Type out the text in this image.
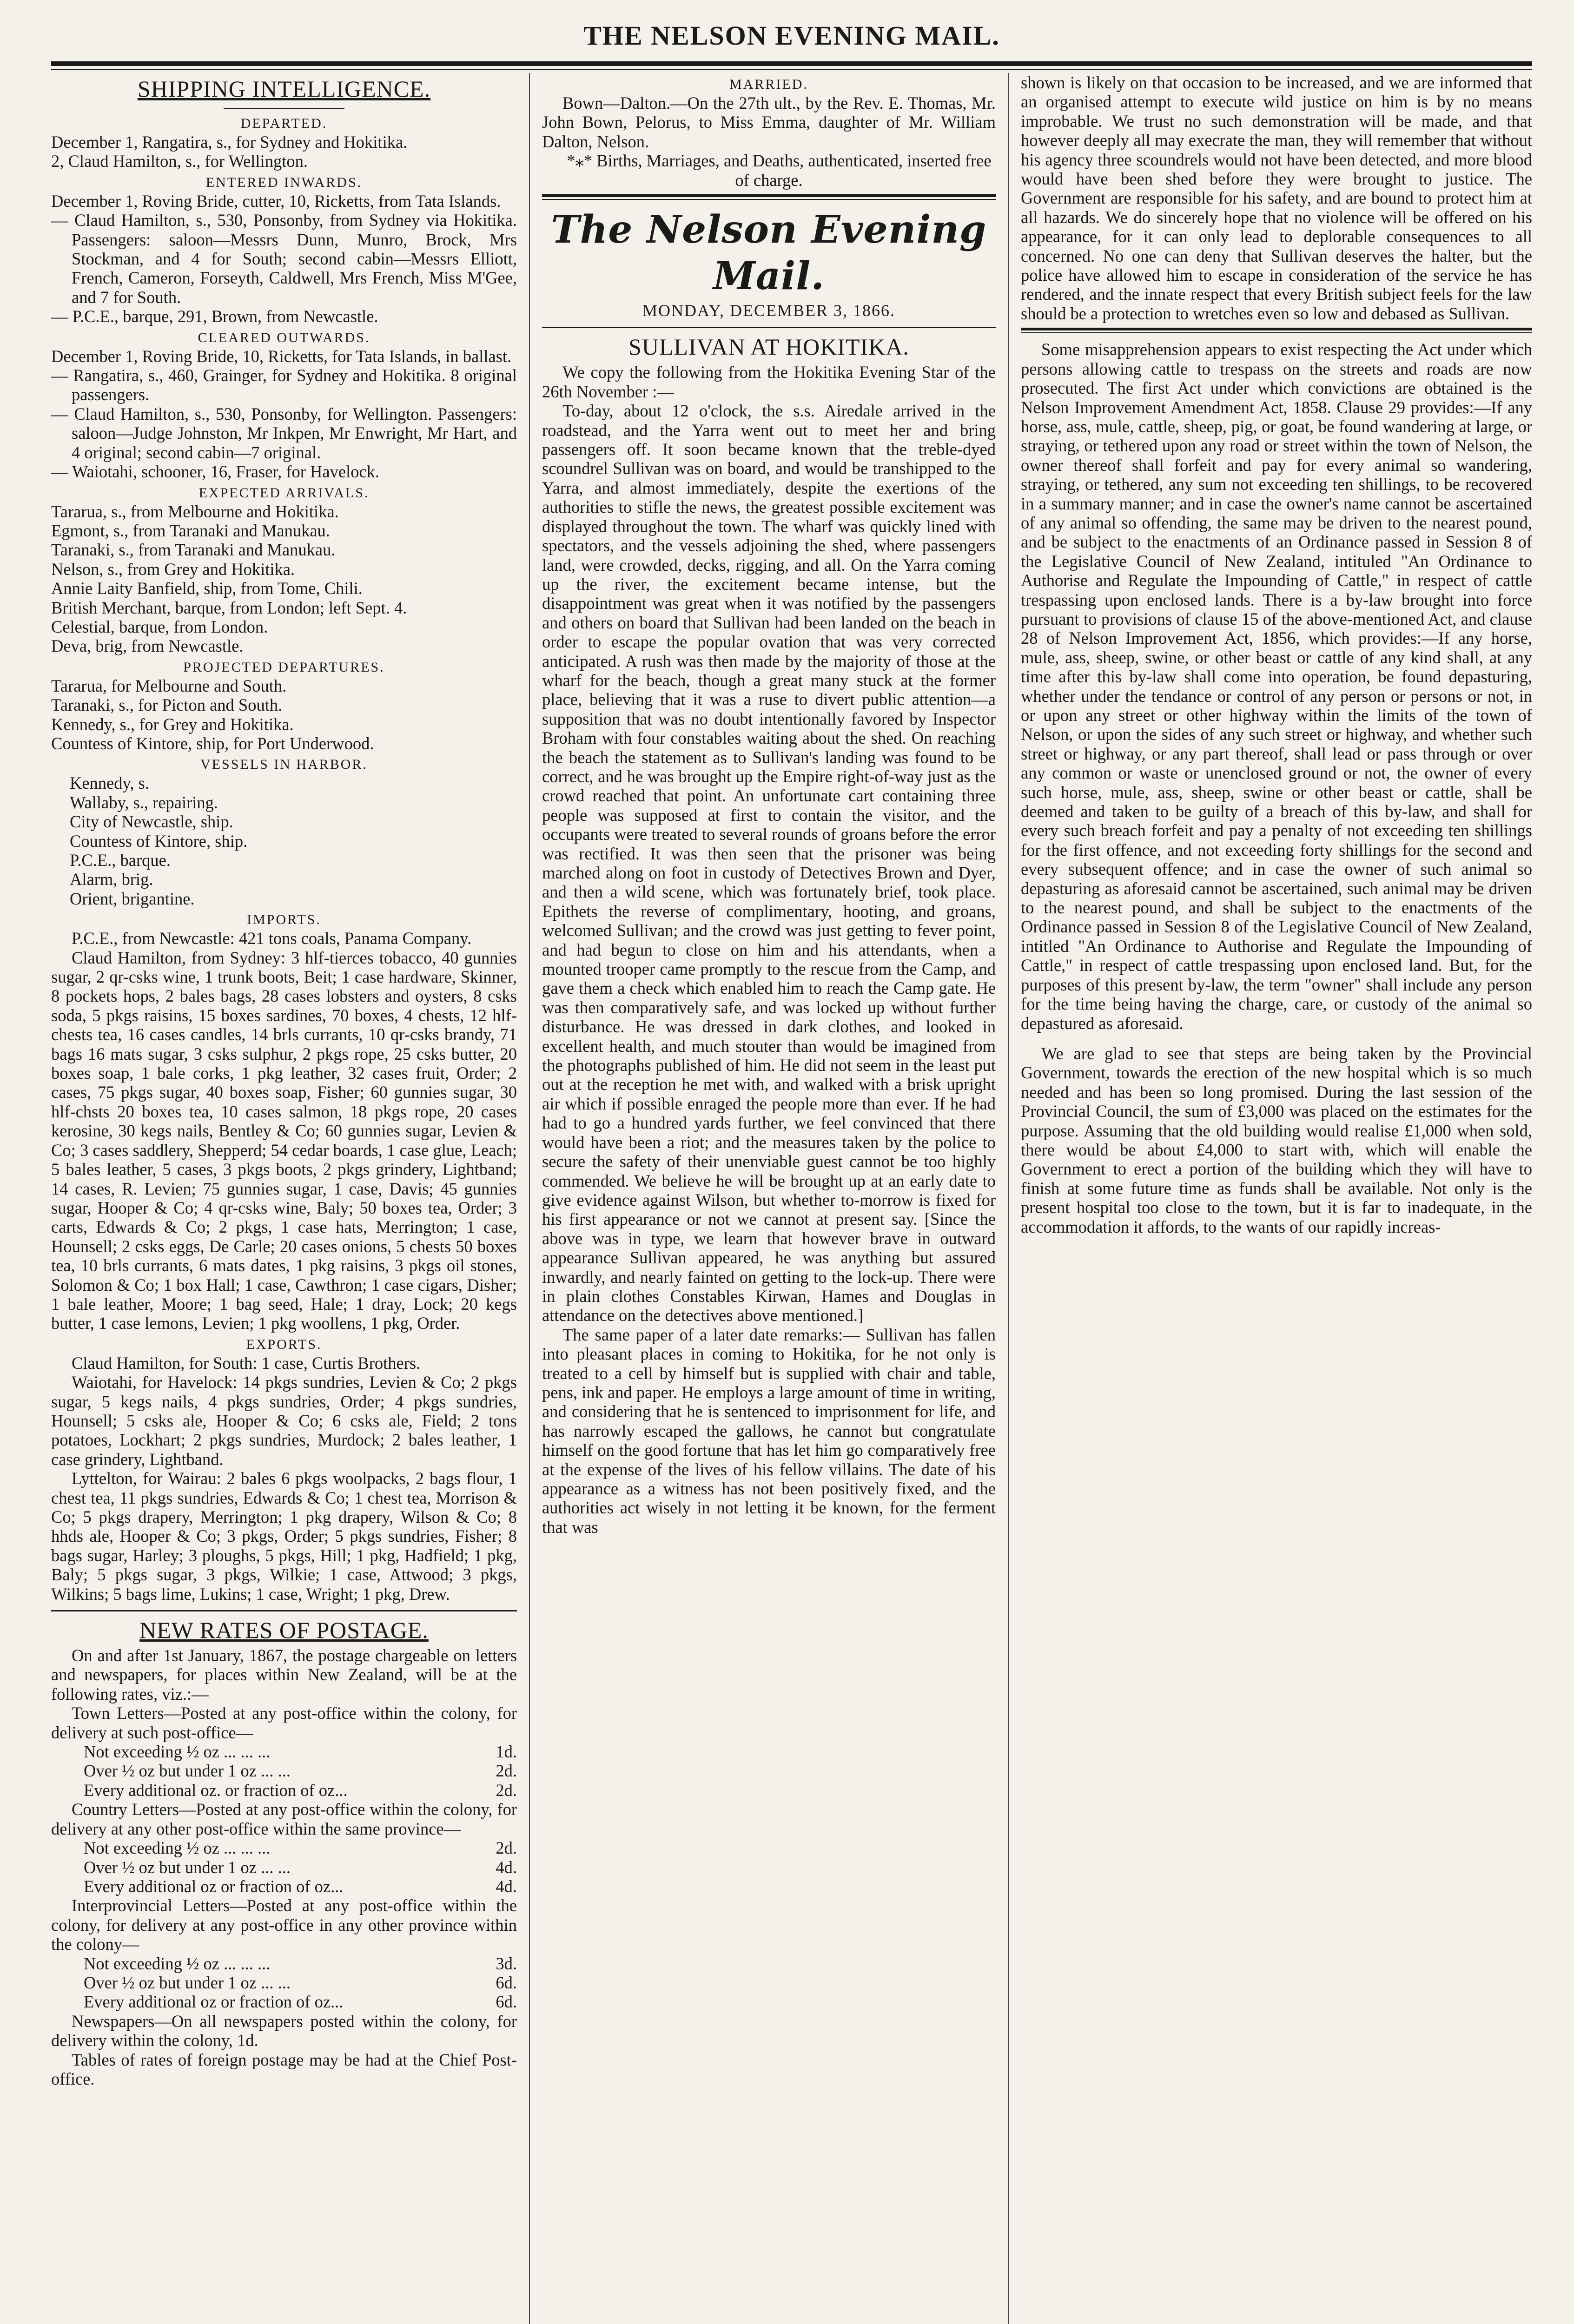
THE NELSON EVENING MAIL.
SHIPPING INTELLIGENCE.
DEPARTED.

December 1, Rangatira, s., for Sydney and Hokitika.

2, Claud Hamilton, s., for Wellington.

ENTERED INWARDS.

December 1, Roving Bride, cutter, 10, Ricketts, from Tata Islands.

— Claud Hamilton, s., 530, Ponsonby, from Sydney via Hokitika. Passengers: saloon—Messrs Dunn, Munro, Brock, Mrs Stockman, and 4 for South; second cabin—Messrs Elliott, French, Cameron, Forseyth, Caldwell, Mrs French, Miss M'Gee, and 7 for South.

— P.C.E., barque, 291, Brown, from Newcastle.

CLEARED OUTWARDS.

December 1, Roving Bride, 10, Ricketts, for Tata Islands, in ballast.

— Rangatira, s., 460, Grainger, for Sydney and Hokitika. 8 original passengers.

— Claud Hamilton, s., 530, Ponsonby, for Wellington. Passengers: saloon—Judge Johnston, Mr Inkpen, Mr Enwright, Mr Hart, and 4 original; second cabin—7 original.

— Waiotahi, schooner, 16, Fraser, for Havelock.

EXPECTED ARRIVALS.

Tararua, s., from Melbourne and Hokitika.

Egmont, s., from Taranaki and Manukau.

Taranaki, s., from Taranaki and Manukau.

Nelson, s., from Grey and Hokitika.

Annie Laity Banfield, ship, from Tome, Chili.

British Merchant, barque, from London; left Sept. 4.

Celestial, barque, from London.

Deva, brig, from Newcastle.

PROJECTED DEPARTURES.

Tararua, for Melbourne and South.

Taranaki, s., for Picton and South.

Kennedy, s., for Grey and Hokitika.

Countess of Kintore, ship, for Port Underwood.

VESSELS IN HARBOR.

Kennedy, s.

Wallaby, s., repairing.

City of Newcastle, ship.

Countess of Kintore, ship.

P.C.E., barque.

Alarm, brig.

Orient, brigantine.

IMPORTS.

P.C.E., from Newcastle: 421 tons coals, Panama Company.

Claud Hamilton, from Sydney: 3 hlf-tierces tobacco, 40 gunnies sugar, 2 qr-csks wine, 1 trunk boots, Beit; 1 case hardware, Skinner, 8 pockets hops, 2 bales bags, 28 cases lobsters and oysters, 8 csks soda, 5 pkgs raisins, 15 boxes sardines, 70 boxes, 4 chests, 12 hlf-chests tea, 16 cases candles, 14 brls currants, 10 qr-csks brandy, 71 bags 16 mats sugar, 3 csks sulphur, 2 pkgs rope, 25 csks butter, 20 boxes soap, 1 bale corks, 1 pkg leather, 32 cases fruit, Order; 2 cases, 75 pkgs sugar, 40 boxes soap, Fisher; 60 gunnies sugar, 30 hlf-chsts 20 boxes tea, 10 cases salmon, 18 pkgs rope, 20 cases kerosine, 30 kegs nails, Bentley & Co; 60 gunnies sugar, Levien & Co; 3 cases saddlery, Shepperd; 54 cedar boards, 1 case glue, Leach; 5 bales leather, 5 cases, 3 pkgs boots, 2 pkgs grindery, Lightband; 14 cases, R. Levien; 75 gunnies sugar, 1 case, Davis; 45 gunnies sugar, Hooper & Co; 4 qr-csks wine, Baly; 50 boxes tea, Order; 3 carts, Edwards & Co; 2 pkgs, 1 case hats, Merrington; 1 case, Hounsell; 2 csks eggs, De Carle; 20 cases onions, 5 chests 50 boxes tea, 10 brls currants, 6 mats dates, 1 pkg raisins, 3 pkgs oil stones, Solomon & Co; 1 box Hall; 1 case, Cawthron; 1 case cigars, Disher; 1 bale leather, Moore; 1 bag seed, Hale; 1 dray, Lock; 20 kegs butter, 1 case lemons, Levien; 1 pkg woollens, 1 pkg, Order.

EXPORTS.

Claud Hamilton, for South: 1 case, Curtis Brothers.

Waiotahi, for Havelock: 14 pkgs sundries, Levien & Co; 2 pkgs sugar, 5 kegs nails, 4 pkgs sundries, Order; 4 pkgs sundries, Hounsell; 5 csks ale, Hooper & Co; 6 csks ale, Field; 2 tons potatoes, Lockhart; 2 pkgs sundries, Murdock; 2 bales leather, 1 case grindery, Lightband.

Lyttelton, for Wairau: 2 bales 6 pkgs woolpacks, 2 bags flour, 1 chest tea, 11 pkgs sundries, Edwards & Co; 1 chest tea, Morrison & Co; 5 pkgs drapery, Merrington; 1 pkg drapery, Wilson & Co; 8 hhds ale, Hooper & Co; 3 pkgs, Order; 5 pkgs sundries, Fisher; 8 bags sugar, Harley; 3 ploughs, 5 pkgs, Hill; 1 pkg, Hadfield; 1 pkg, Baly; 5 pkgs sugar, 3 pkgs, Wilkie; 1 case, Attwood; 3 pkgs, Wilkins; 5 bags lime, Lukins; 1 case, Wright; 1 pkg, Drew.

NEW RATES OF POSTAGE.

On and after 1st January, 1867, the postage chargeable on letters and newspapers, for places within New Zealand, will be at the following rates, viz.:—

Town Letters—Posted at any post-office within the colony, for delivery at such post-office—

Not exceeding ½ oz ... ... ...	1d.
Over ½ oz but under 1 oz ... ...	2d.
Every additional oz. or fraction of oz...	2d.

Country Letters—Posted at any post-office within the colony, for delivery at any other post-office within the same province—

Not exceeding ½ oz ... ... ...	2d.
Over ½ oz but under 1 oz ... ...	4d.
Every additional oz or fraction of oz...	4d.

Interprovincial Letters—Posted at any post-office within the colony, for delivery at any post-office in any other province within the colony—

Not exceeding ½ oz ... ... ...	3d.
Over ½ oz but under 1 oz ... ...	6d.
Every additional oz or fraction of oz...	6d.

Newspapers—On all newspapers posted within the colony, for delivery within the colony, 1d.

Tables of rates of foreign postage may be had at the Chief Post-office.

MARRIED.

Bown—Dalton.—On the 27th ult., by the Rev. E. Thomas, Mr. John Bown, Pelorus, to Miss Emma, daughter of Mr. William Dalton, Nelson.

*⁎* Births, Marriages, and Deaths, authenticated, inserted free of charge.

The Nelson Evening Mail.
MONDAY, DECEMBER 3, 1866.
SULLIVAN AT HOKITIKA.

We copy the following from the Hokitika Evening Star of the 26th November :—

To-day, about 12 o'clock, the s.s. Airedale arrived in the roadstead, and the Yarra went out to meet her and bring passengers off. It soon became known that the treble-dyed scoundrel Sullivan was on board, and would be transhipped to the Yarra, and almost immediately, despite the exertions of the authorities to stifle the news, the greatest possible excitement was displayed throughout the town. The wharf was quickly lined with spectators, and the vessels adjoining the shed, where passengers land, were crowded, decks, rigging, and all. On the Yarra coming up the river, the excitement became intense, but the disappointment was great when it was notified by the passengers and others on board that Sullivan had been landed on the beach in order to escape the popular ovation that was very corrected anticipated. A rush was then made by the majority of those at the wharf for the beach, though a great many stuck at the former place, believing that it was a ruse to divert public attention—a supposition that was no doubt intentionally favored by Inspector Broham with four constables waiting about the shed. On reaching the beach the statement as to Sullivan's landing was found to be correct, and he was brought up the Empire right-of-way just as the crowd reached that point. An unfortunate cart containing three people was supposed at first to contain the visitor, and the occupants were treated to several rounds of groans before the error was rectified. It was then seen that the prisoner was being marched along on foot in custody of Detectives Brown and Dyer, and then a wild scene, which was fortunately brief, took place. Epithets the reverse of complimentary, hooting, and groans, welcomed Sullivan; and the crowd was just getting to fever point, and had begun to close on him and his attendants, when a mounted trooper came promptly to the rescue from the Camp, and gave them a check which enabled him to reach the Camp gate. He was then comparatively safe, and was locked up without further disturbance. He was dressed in dark clothes, and looked in excellent health, and much stouter than would be imagined from the photographs published of him. He did not seem in the least put out at the reception he met with, and walked with a brisk upright air which if possible enraged the people more than ever. If he had had to go a hundred yards further, we feel convinced that there would have been a riot; and the measures taken by the police to secure the safety of their unenviable guest cannot be too highly commended. We believe he will be brought up at an early date to give evidence against Wilson, but whether to-morrow is fixed for his first appearance or not we cannot at present say. [Since the above was in type, we learn that however brave in outward appearance Sullivan appeared, he was anything but assured inwardly, and nearly fainted on getting to the lock-up. There were in plain clothes Constables Kirwan, Hames and Douglas in attendance on the detectives above mentioned.]

The same paper of a later date remarks:— Sullivan has fallen into pleasant places in coming to Hokitika, for he not only is treated to a cell by himself but is supplied with chair and table, pens, ink and paper. He employs a large amount of time in writing, and considering that he is sentenced to imprisonment for life, and has narrowly escaped the gallows, he cannot but congratulate himself on the good fortune that has let him go comparatively free at the expense of the lives of his fellow villains. The date of his appearance as a witness has not been positively fixed, and the authorities act wisely in not letting it be known, for the ferment that was

shown is likely on that occasion to be increased, and we are informed that an organised attempt to execute wild justice on him is by no means improbable. We trust no such demonstration will be made, and that however deeply all may execrate the man, they will remember that without his agency three scoundrels would not have been detected, and more blood would have been shed before they were brought to justice. The Government are responsible for his safety, and are bound to protect him at all hazards. We do sincerely hope that no violence will be offered on his appearance, for it can only lead to deplorable consequences to all concerned. No one can deny that Sullivan deserves the halter, but the police have allowed him to escape in consideration of the service he has rendered, and the innate respect that every British subject feels for the law should be a protection to wretches even so low and debased as Sullivan.

Some misapprehension appears to exist respecting the Act under which persons allowing cattle to trespass on the streets and roads are now prosecuted. The first Act under which convictions are obtained is the Nelson Improvement Amendment Act, 1858. Clause 29 provides:—If any horse, ass, mule, cattle, sheep, pig, or goat, be found wandering at large, or straying, or tethered upon any road or street within the town of Nelson, the owner thereof shall forfeit and pay for every animal so wandering, straying, or tethered, any sum not exceeding ten shillings, to be recovered in a summary manner; and in case the owner's name cannot be ascertained of any animal so offending, the same may be driven to the nearest pound, and be subject to the enactments of an Ordinance passed in Session 8 of the Legislative Council of New Zealand, intituled "An Ordinance to Authorise and Regulate the Impounding of Cattle," in respect of cattle trespassing upon enclosed lands. There is a by-law brought into force pursuant to provisions of clause 15 of the above-mentioned Act, and clause 28 of Nelson Improvement Act, 1856, which provides:—If any horse, mule, ass, sheep, swine, or other beast or cattle of any kind shall, at any time after this by-law shall come into operation, be found depasturing, whether under the tendance or control of any person or persons or not, in or upon any street or other highway within the limits of the town of Nelson, or upon the sides of any such street or highway, and whether such street or highway, or any part thereof, shall lead or pass through or over any common or waste or unenclosed ground or not, the owner of every such horse, mule, ass, sheep, swine or other beast or cattle, shall be deemed and taken to be guilty of a breach of this by-law, and shall for every such breach forfeit and pay a penalty of not exceeding ten shillings for the first offence, and not exceeding forty shillings for the second and every subsequent offence; and in case the owner of such animal so depasturing as aforesaid cannot be ascertained, such animal may be driven to the nearest pound, and shall be subject to the enactments of the Ordinance passed in Session 8 of the Legislative Council of New Zealand, intitled "An Ordinance to Authorise and Regulate the Impounding of Cattle," in respect of cattle trespassing upon enclosed land. But, for the purposes of this present by-law, the term "owner" shall include any person for the time being having the charge, care, or custody of the animal so depastured as aforesaid.

We are glad to see that steps are being taken by the Provincial Government, towards the erection of the new hospital which is so much needed and has been so long promised. During the last session of the Provincial Council, the sum of £3,000 was placed on the estimates for the purpose. Assuming that the old building would realise £1,000 when sold, there would be about £4,000 to start with, which will enable the Government to erect a portion of the building which they will have to finish at some future time as funds shall be available. Not only is the present hospital too close to the town, but it is far to inadequate, in the accommodation it affords, to the wants of our rapidly increas-
